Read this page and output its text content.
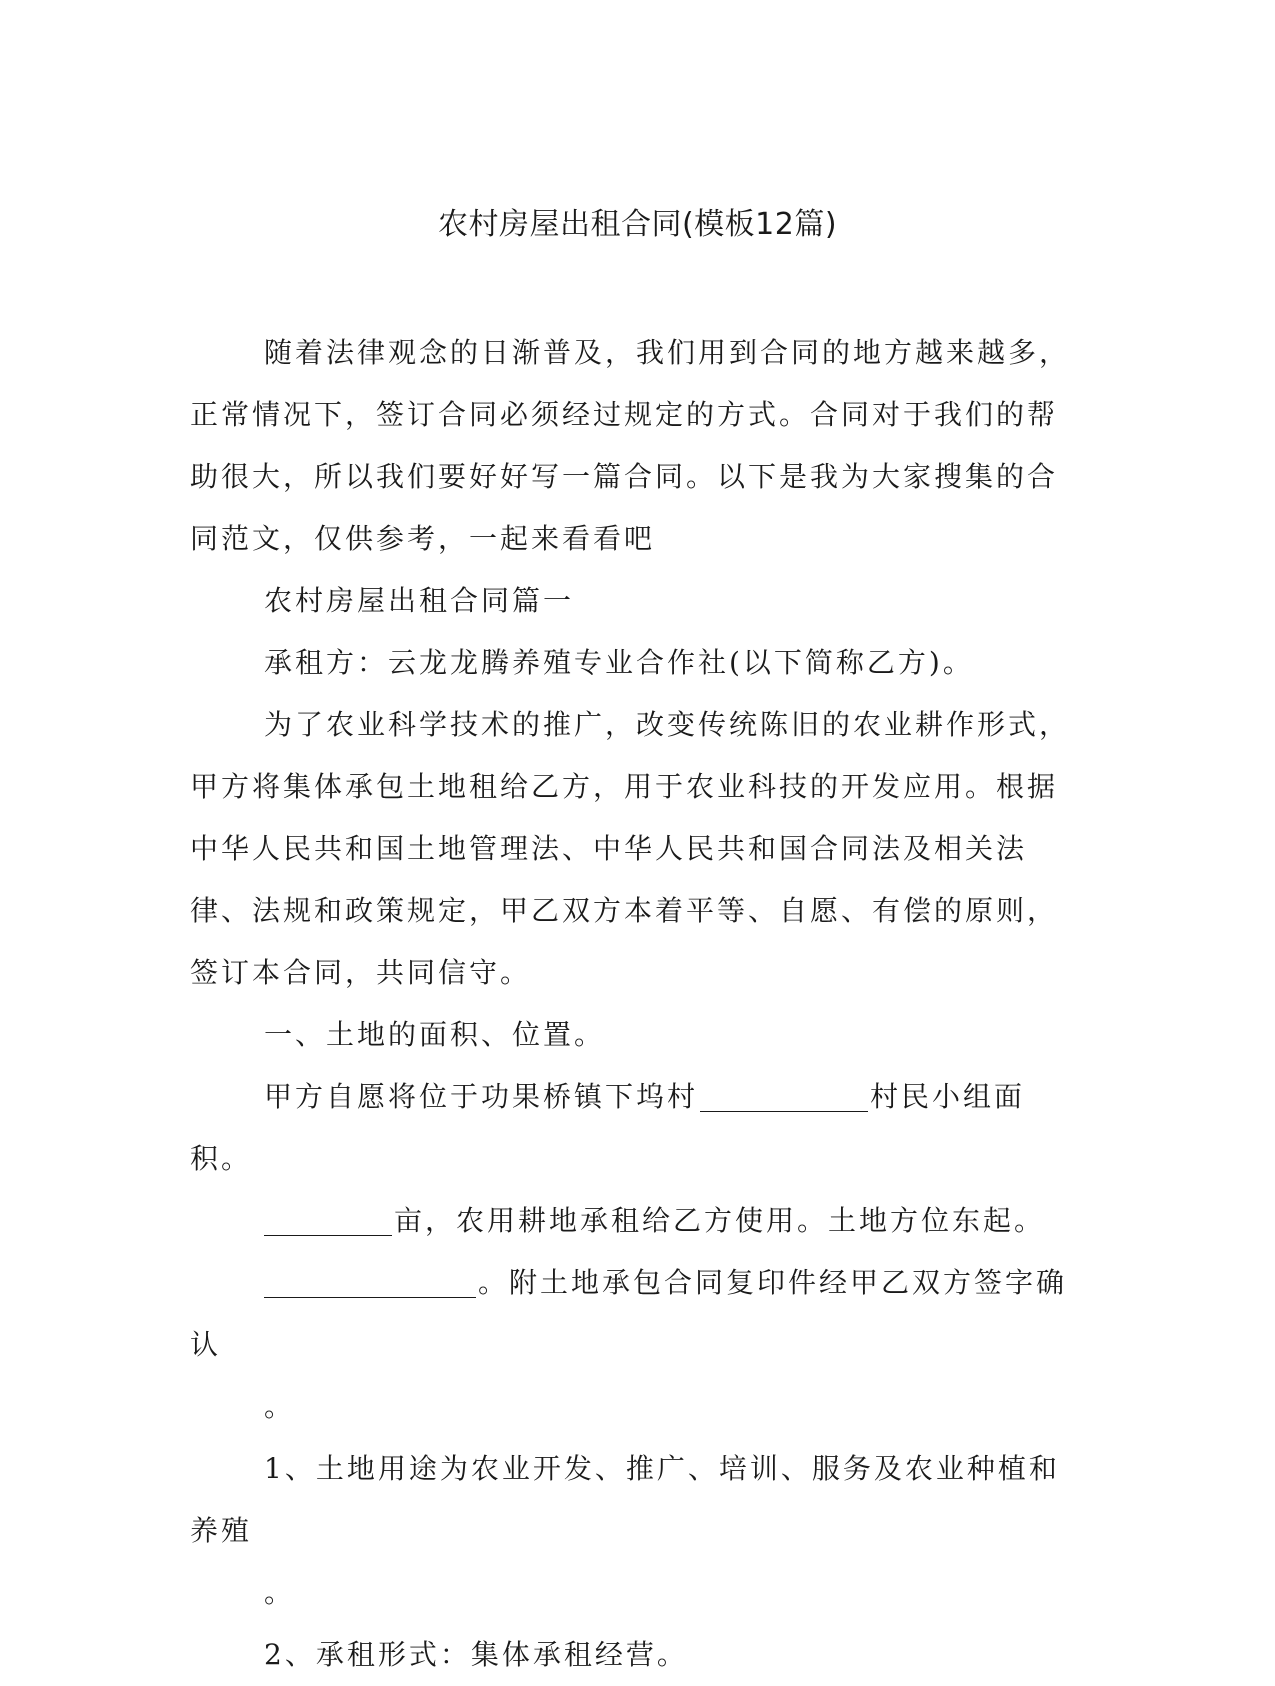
农村房屋出租合同(模板12篇)

随着法律观念的日渐普及，我们用到合同的地方越来越多，正常情况下，签订合同必须经过规定的方式。合同对于我们的帮助很大，所以我们要好好写一篇合同。以下是我为大家搜集的合同范文，仅供参考，一起来看看吧

农村房屋出租合同篇一

承租方：云龙龙腾养殖专业合作社(以下简称乙方)。

为了农业科学技术的推广，改变传统陈旧的农业耕作形式，甲方将集体承包土地租给乙方，用于农业科技的开发应用。根据中华人民共和国土地管理法、中华人民共和国合同法及相关法律、法规和政策规定，甲乙双方本着平等、自愿、有偿的原则，签订本合同，共同信守。

一、土地的面积、位置。

甲方自愿将位于功果桥镇下坞村	村民小组面积。

亩，农用耕地承租给乙方使用。土地方位东起。

。附土地承包合同复印件经甲乙双方签字确认
。

1、土地用途为农业开发、推广、培训、服务及农业种植和养殖
。

2、承租形式：集体承租经营。
